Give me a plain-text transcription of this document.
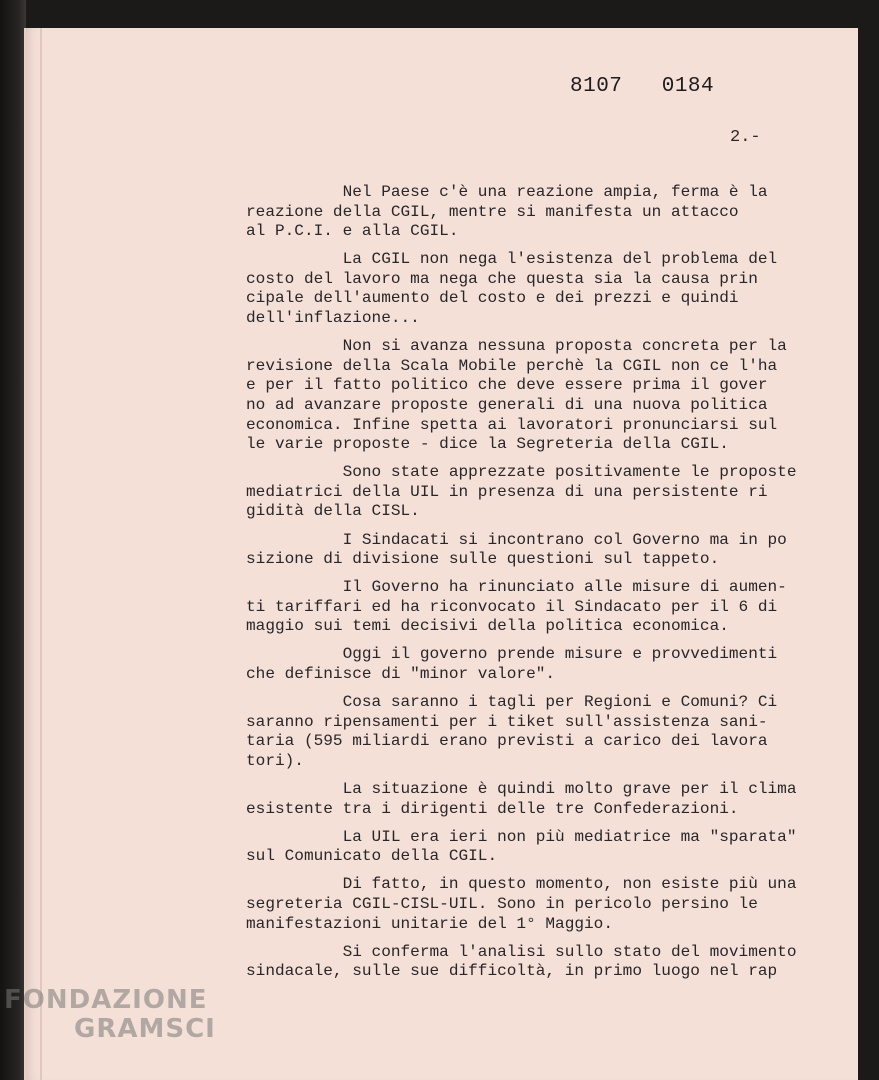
8107   0184
2.-
Nel Paese c'è una reazione ampia, ferma è la
reazione della CGIL, mentre si manifesta un attacco
al P.C.I. e alla CGIL.
La CGIL non nega l'esistenza del problema del
costo del lavoro ma nega che questa sia la causa prin
cipale dell'aumento del costo e dei prezzi e quindi
dell'inflazione...
Non si avanza nessuna proposta concreta per la
revisione della Scala Mobile perchè la CGIL non ce l'ha
e per il fatto politico che deve essere prima il gover
no ad avanzare proposte generali di una nuova politica
economica. Infine spetta ai lavoratori pronunciarsi sul
le varie proposte - dice la Segreteria della CGIL.
Sono state apprezzate positivamente le proposte
mediatrici della UIL in presenza di una persistente ri
gidità della CISL.
I Sindacati si incontrano col Governo ma in po
sizione di divisione sulle questioni sul tappeto.
Il Governo ha rinunciato alle misure di aumen-
ti tariffari ed ha riconvocato il Sindacato per il 6 di
maggio sui temi decisivi della politica economica.
Oggi il governo prende misure e provvedimenti
che definisce di "minor valore".
Cosa saranno i tagli per Regioni e Comuni? Ci
saranno ripensamenti per i tiket sull'assistenza sani-
taria (595 miliardi erano previsti a carico dei lavora
tori).
La situazione è quindi molto grave per il clima
esistente tra i dirigenti delle tre Confederazioni.
La UIL era ieri non più mediatrice ma "sparata"
sul Comunicato della CGIL.
Di fatto, in questo momento, non esiste più una
segreteria CGIL-CISL-UIL. Sono in pericolo persino le
manifestazioni unitarie del 1° Maggio.
Si conferma l'analisi sullo stato del movimento
sindacale, sulle sue difficoltà, in primo luogo nel rap
FONDAZIONE
GRAMSCI
